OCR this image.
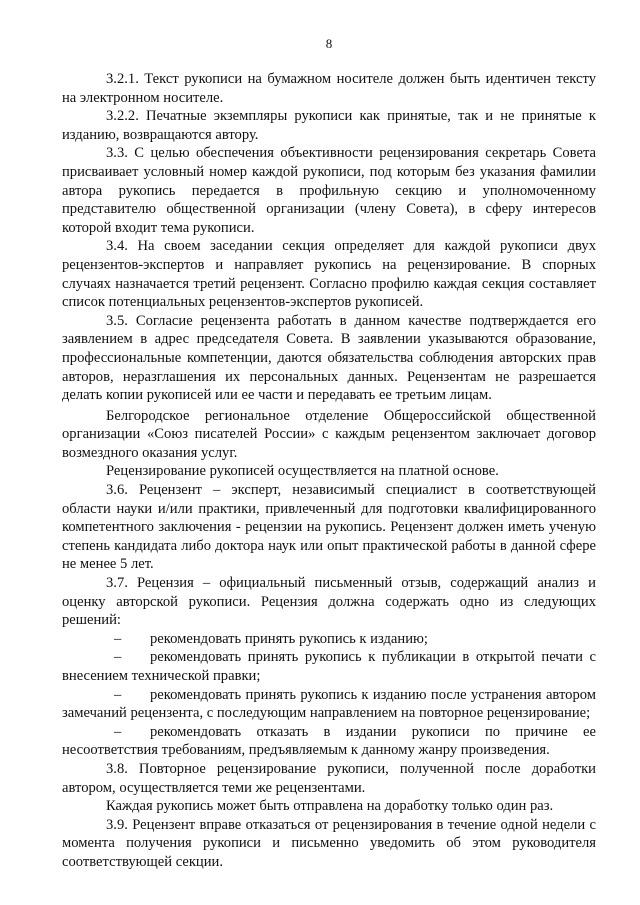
8

3.2.1. Текст рукописи на бумажном носителе должен быть идентичен тексту на электронном носителе.

3.2.2. Печатные экземпляры рукописи как принятые, так и не принятые к изданию, возвращаются автору.

3.3. С целью обеспечения объективности рецензирования секретарь Совета присваивает условный номер каждой рукописи, под которым без указания фамилии автора рукопись передается в профильную секцию и уполномоченному представителю общественной организации (члену Совета), в сферу интересов которой входит тема рукописи.

3.4. На своем заседании секция определяет для каждой рукописи двух рецензентов-экспертов и направляет рукопись на рецензирование. В спорных случаях назначается третий рецензент. Согласно профилю каждая секция составляет список потенциальных рецензентов-экспертов рукописей.

3.5. Согласие рецензента работать в данном качестве подтверждается его заявлением в адрес председателя Совета. В заявлении указываются образование, профессиональные компетенции, даются обязательства соблюдения авторских прав авторов, неразглашения их персональных данных. Рецензентам не разрешается делать копии рукописей или ее части и передавать ее третьим лицам.

Белгородское региональное отделение Общероссийской общественной организации «Союз писателей России» с каждым рецензентом заключает договор возмездного оказания услуг.

Рецензирование рукописей осуществляется на платной основе.

3.6. Рецензент – эксперт, независимый специалист в соответствующей области науки и/или практики, привлеченный для подготовки квалифицированного компетентного заключения - рецензии на рукопись. Рецензент должен иметь ученую степень кандидата либо доктора наук или опыт практической работы в данной сфере не менее 5 лет.

3.7. Рецензия – официальный письменный отзыв, содержащий анализ и оценку авторской рукописи. Рецензия должна содержать одно из следующих решений:

– рекомендовать принять рукопись к изданию;

– рекомендовать принять рукопись к публикации в открытой печати с внесением технической правки;

– рекомендовать принять рукопись к изданию после устранения автором замечаний рецензента, с последующим направлением на повторное рецензирование;

– рекомендовать отказать в издании рукописи по причине ее несоответствия требованиям, предъявляемым к данному жанру произведения.

3.8. Повторное рецензирование рукописи, полученной после доработки автором, осуществляется теми же рецензентами.

Каждая рукопись может быть отправлена на доработку только один раз.

3.9. Рецензент вправе отказаться от рецензирования в течение одной недели с момента получения рукописи и письменно уведомить об этом руководителя соответствующей секции.
